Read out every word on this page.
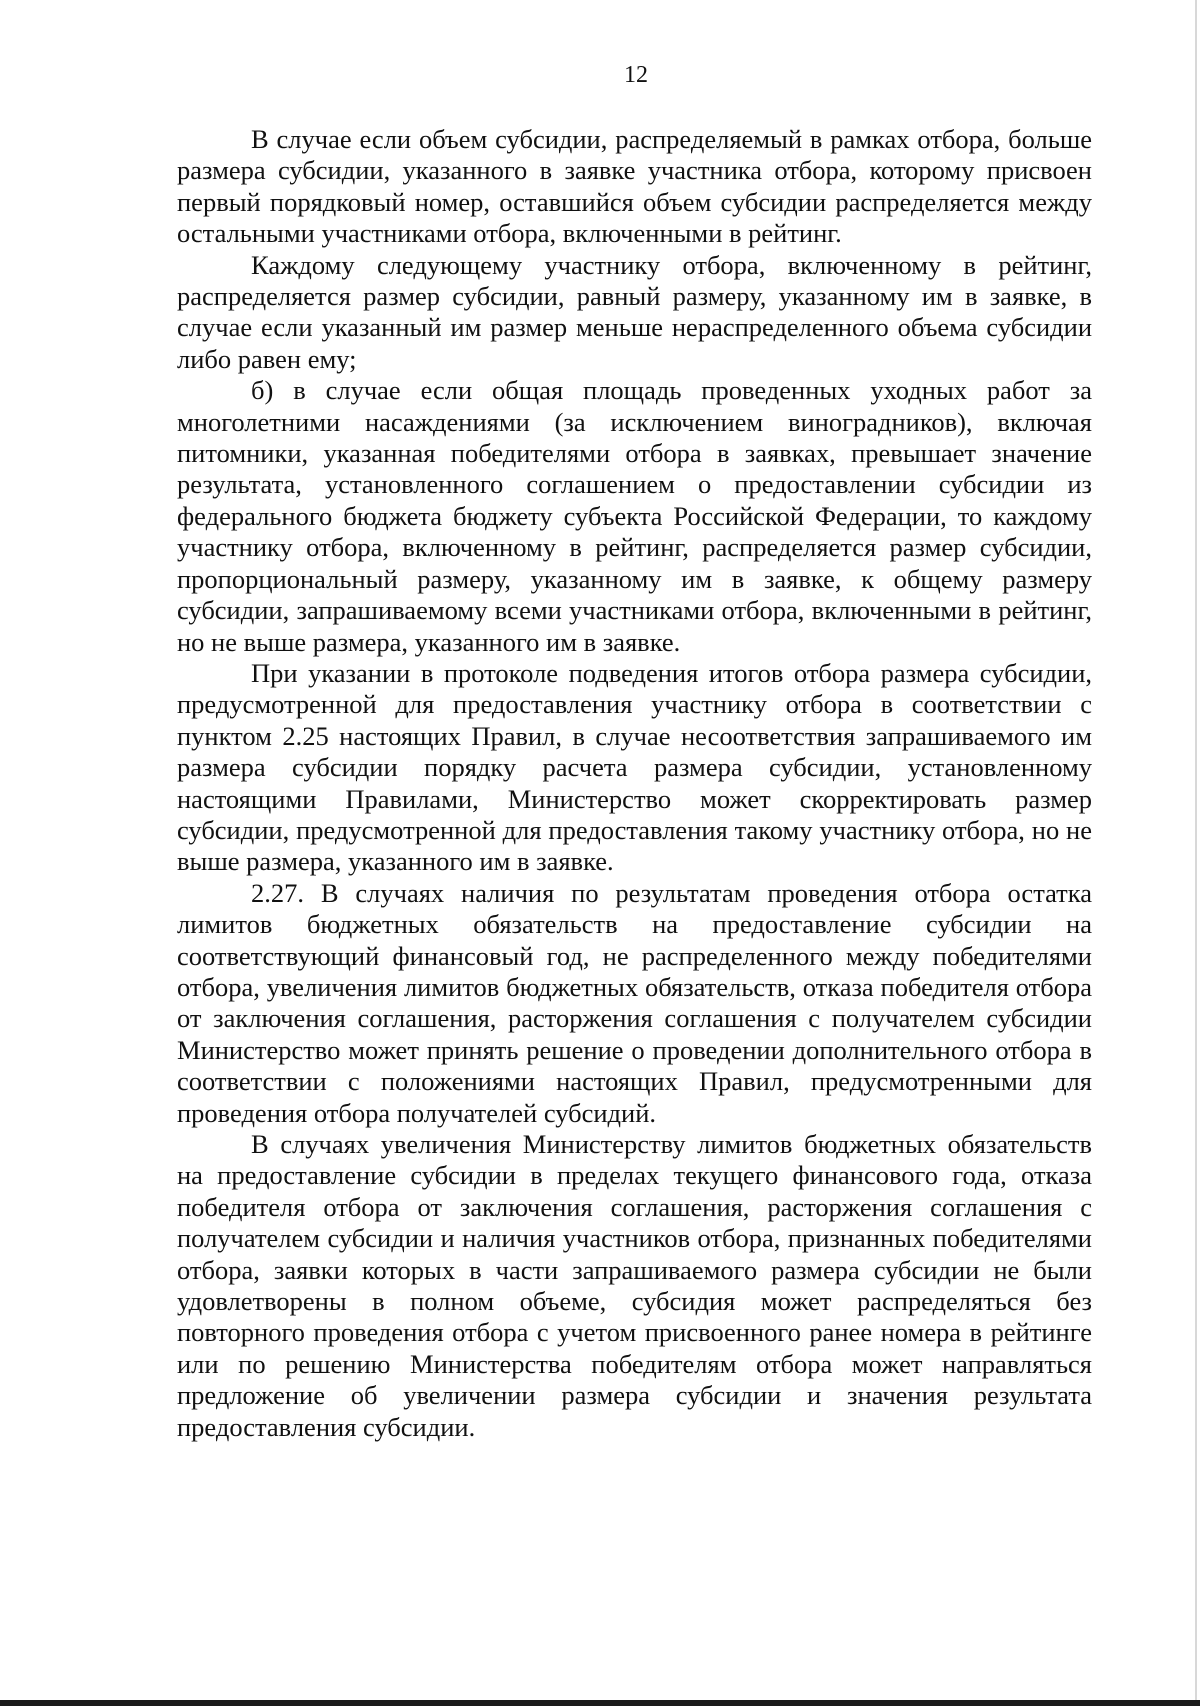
12

В случае если объем субсидии, распределяемый в рамках отбора, больше размера субсидии, указанного в заявке участника отбора, которому присвоен первый порядковый номер, оставшийся объем субсидии распределяется между остальными участниками отбора, включенными в рейтинг.

Каждому следующему участнику отбора, включенному в рейтинг, распределяется размер субсидии, равный размеру, указанному им в заявке, в случае если указанный им размер меньше нераспределенного объема субсидии либо равен ему;

б) в случае если общая площадь проведенных уходных работ за многолетними насаждениями (за исключением виноградников), включая питомники, указанная победителями отбора в заявках, превышает значение результата, установленного соглашением о предоставлении субсидии из федерального бюджета бюджету субъекта Российской Федерации, то каждому участнику отбора, включенному в рейтинг, распределяется размер субсидии, пропорциональный размеру, указанному им в заявке, к общему размеру субсидии, запрашиваемому всеми участниками отбора, включенными в рейтинг, но не выше размера, указанного им в заявке.

При указании в протоколе подведения итогов отбора размера субсидии, предусмотренной для предоставления участнику отбора в соответствии с пунктом 2.25 настоящих Правил, в случае несоответствия запрашиваемого им размера субсидии порядку расчета размера субсидии, установленному настоящими Правилами, Министерство может скорректировать размер субсидии, предусмотренной для предоставления такому участнику отбора, но не выше размера, указанного им в заявке.

2.27. В случаях наличия по результатам проведения отбора остатка лимитов бюджетных обязательств на предоставление субсидии на соответствующий финансовый год, не распределенного между победителями отбора, увеличения лимитов бюджетных обязательств, отказа победителя отбора от заключения соглашения, расторжения соглашения с получателем субсидии Министерство может принять решение о проведении дополнительного отбора в соответствии с положениями настоящих Правил, предусмотренными для проведения отбора получателей субсидий.

В случаях увеличения Министерству лимитов бюджетных обязательств на предоставление субсидии в пределах текущего финансового года, отказа победителя отбора от заключения соглашения, расторжения соглашения с получателем субсидии и наличия участников отбора, признанных победителями отбора, заявки которых в части запрашиваемого размера субсидии не были удовлетворены в полном объеме, субсидия может распределяться без повторного проведения отбора с учетом присвоенного ранее номера в рейтинге или по решению Министерства победителям отбора может направляться предложение об увеличении размера субсидии и значения результата предоставления субсидии.
